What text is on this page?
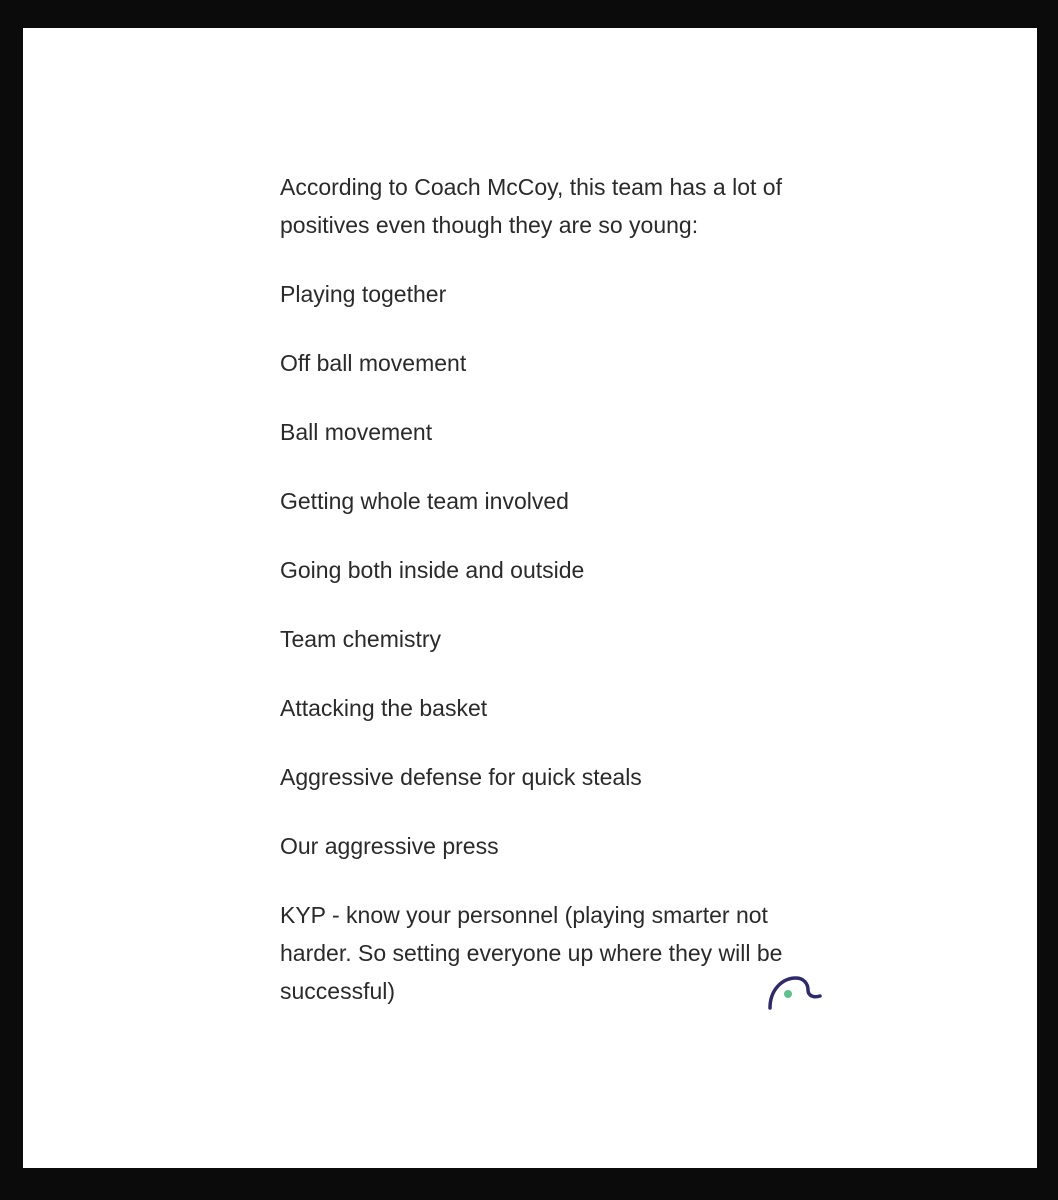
According to Coach McCoy, this team has a lot of positives even though they are so young:

Playing together
Off ball movement
Ball movement
Getting whole team involved
Going both inside and outside
Team chemistry
Attacking the basket
Aggressive defense for quick steals
Our aggressive press
KYP - know your personnel (playing smarter not harder. So setting everyone up where they will be successful)
